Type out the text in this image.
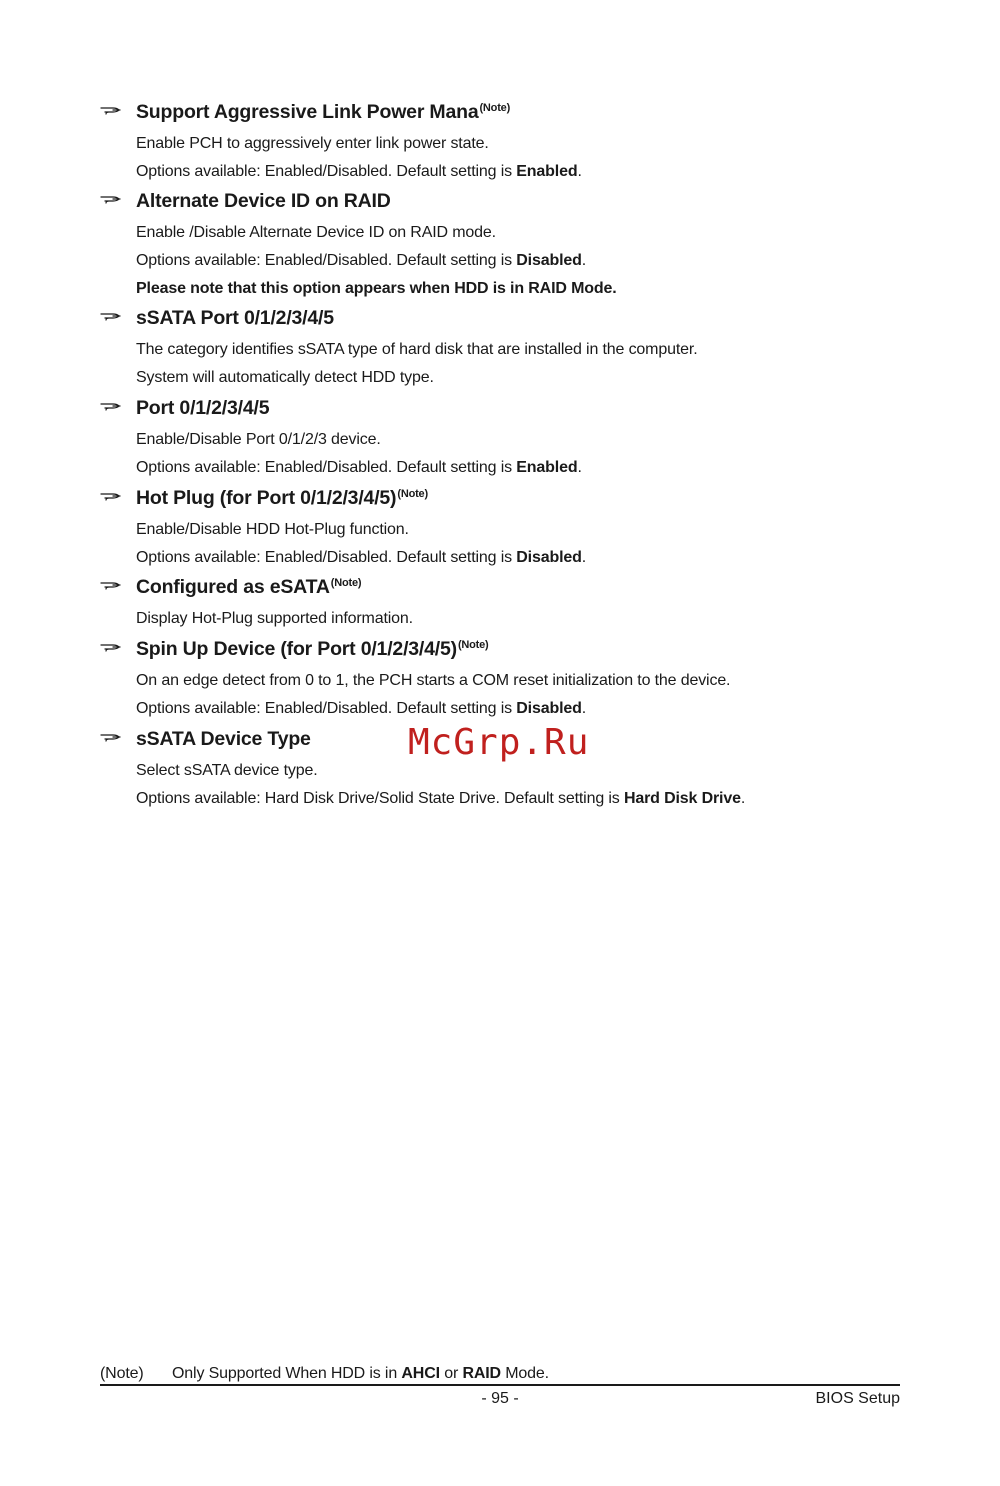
Support Aggressive Link Power Mana$^{(Note)}$
Enable PCH to aggressively enter link power state.
Options available: Enabled/Disabled. Default setting is Enabled.
Alternate Device ID on RAID
Enable /Disable Alternate Device ID on RAID mode.
Options available: Enabled/Disabled. Default setting is Disabled.
Please note that this option appears when HDD is in RAID Mode.
sSATA Port 0/1/2/3/4/5
The category identifies sSATA type of hard disk that are installed in the computer.
System will automatically detect HDD type.
Port 0/1/2/3/4/5
Enable/Disable Port 0/1/2/3 device.
Options available: Enabled/Disabled. Default setting is Enabled.
Hot Plug (for Port 0/1/2/3/4/5)$^{(Note)}$
Enable/Disable HDD Hot-Plug function.
Options available: Enabled/Disabled. Default setting is Disabled.
Configured as eSATA$^{(Note)}$
Display Hot-Plug supported information.
Spin Up Device (for Port 0/1/2/3/4/5)$^{(Note)}$
On an edge detect from 0 to 1, the PCH starts a COM reset initialization to the device.
Options available: Enabled/Disabled. Default setting is Disabled.
sSATA Device Type
Select sSATA device type.
Options available: Hard Disk Drive/Solid State Drive. Default setting is Hard Disk Drive.
McGrp.Ru
(Note) Only Supported When HDD is in AHCI or RAID Mode.
- 95 -	BIOS Setup
